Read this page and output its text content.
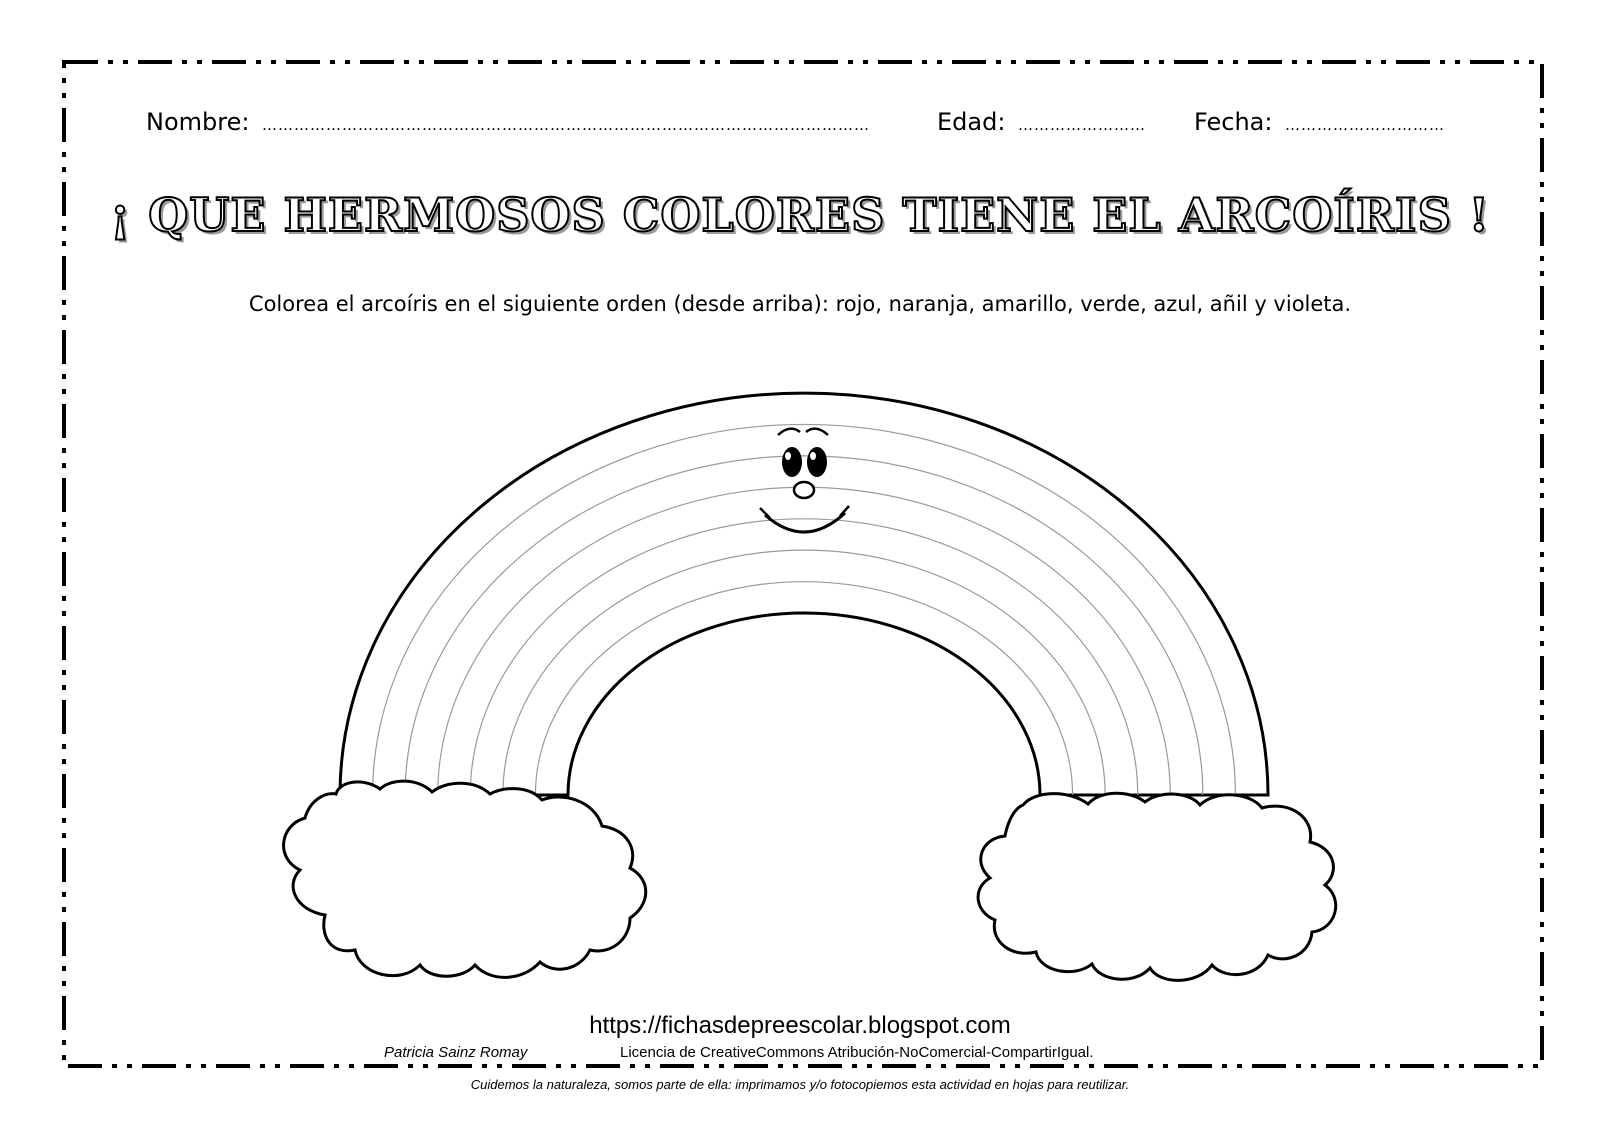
Nombre: ……………………………………………………………………………………………………	Edad: …………………… Fecha: …………………………
¡ QUE HERMOSOS COLORES TIENE EL ARCOÍRIS !
Colorea el arcoíris en el siguiente orden (desde arriba): rojo, naranja, amarillo, verde, azul, añil y violeta.
https://fichasdepreescolar.blogspot.com
Patricia Sainz Romay	Licencia de CreativeCommons Atribución-NoComercial-CompartirIgual.
Cuidemos la naturaleza, somos parte de ella: imprimamos y/o fotocopiemos esta actividad en hojas para reutilizar.
